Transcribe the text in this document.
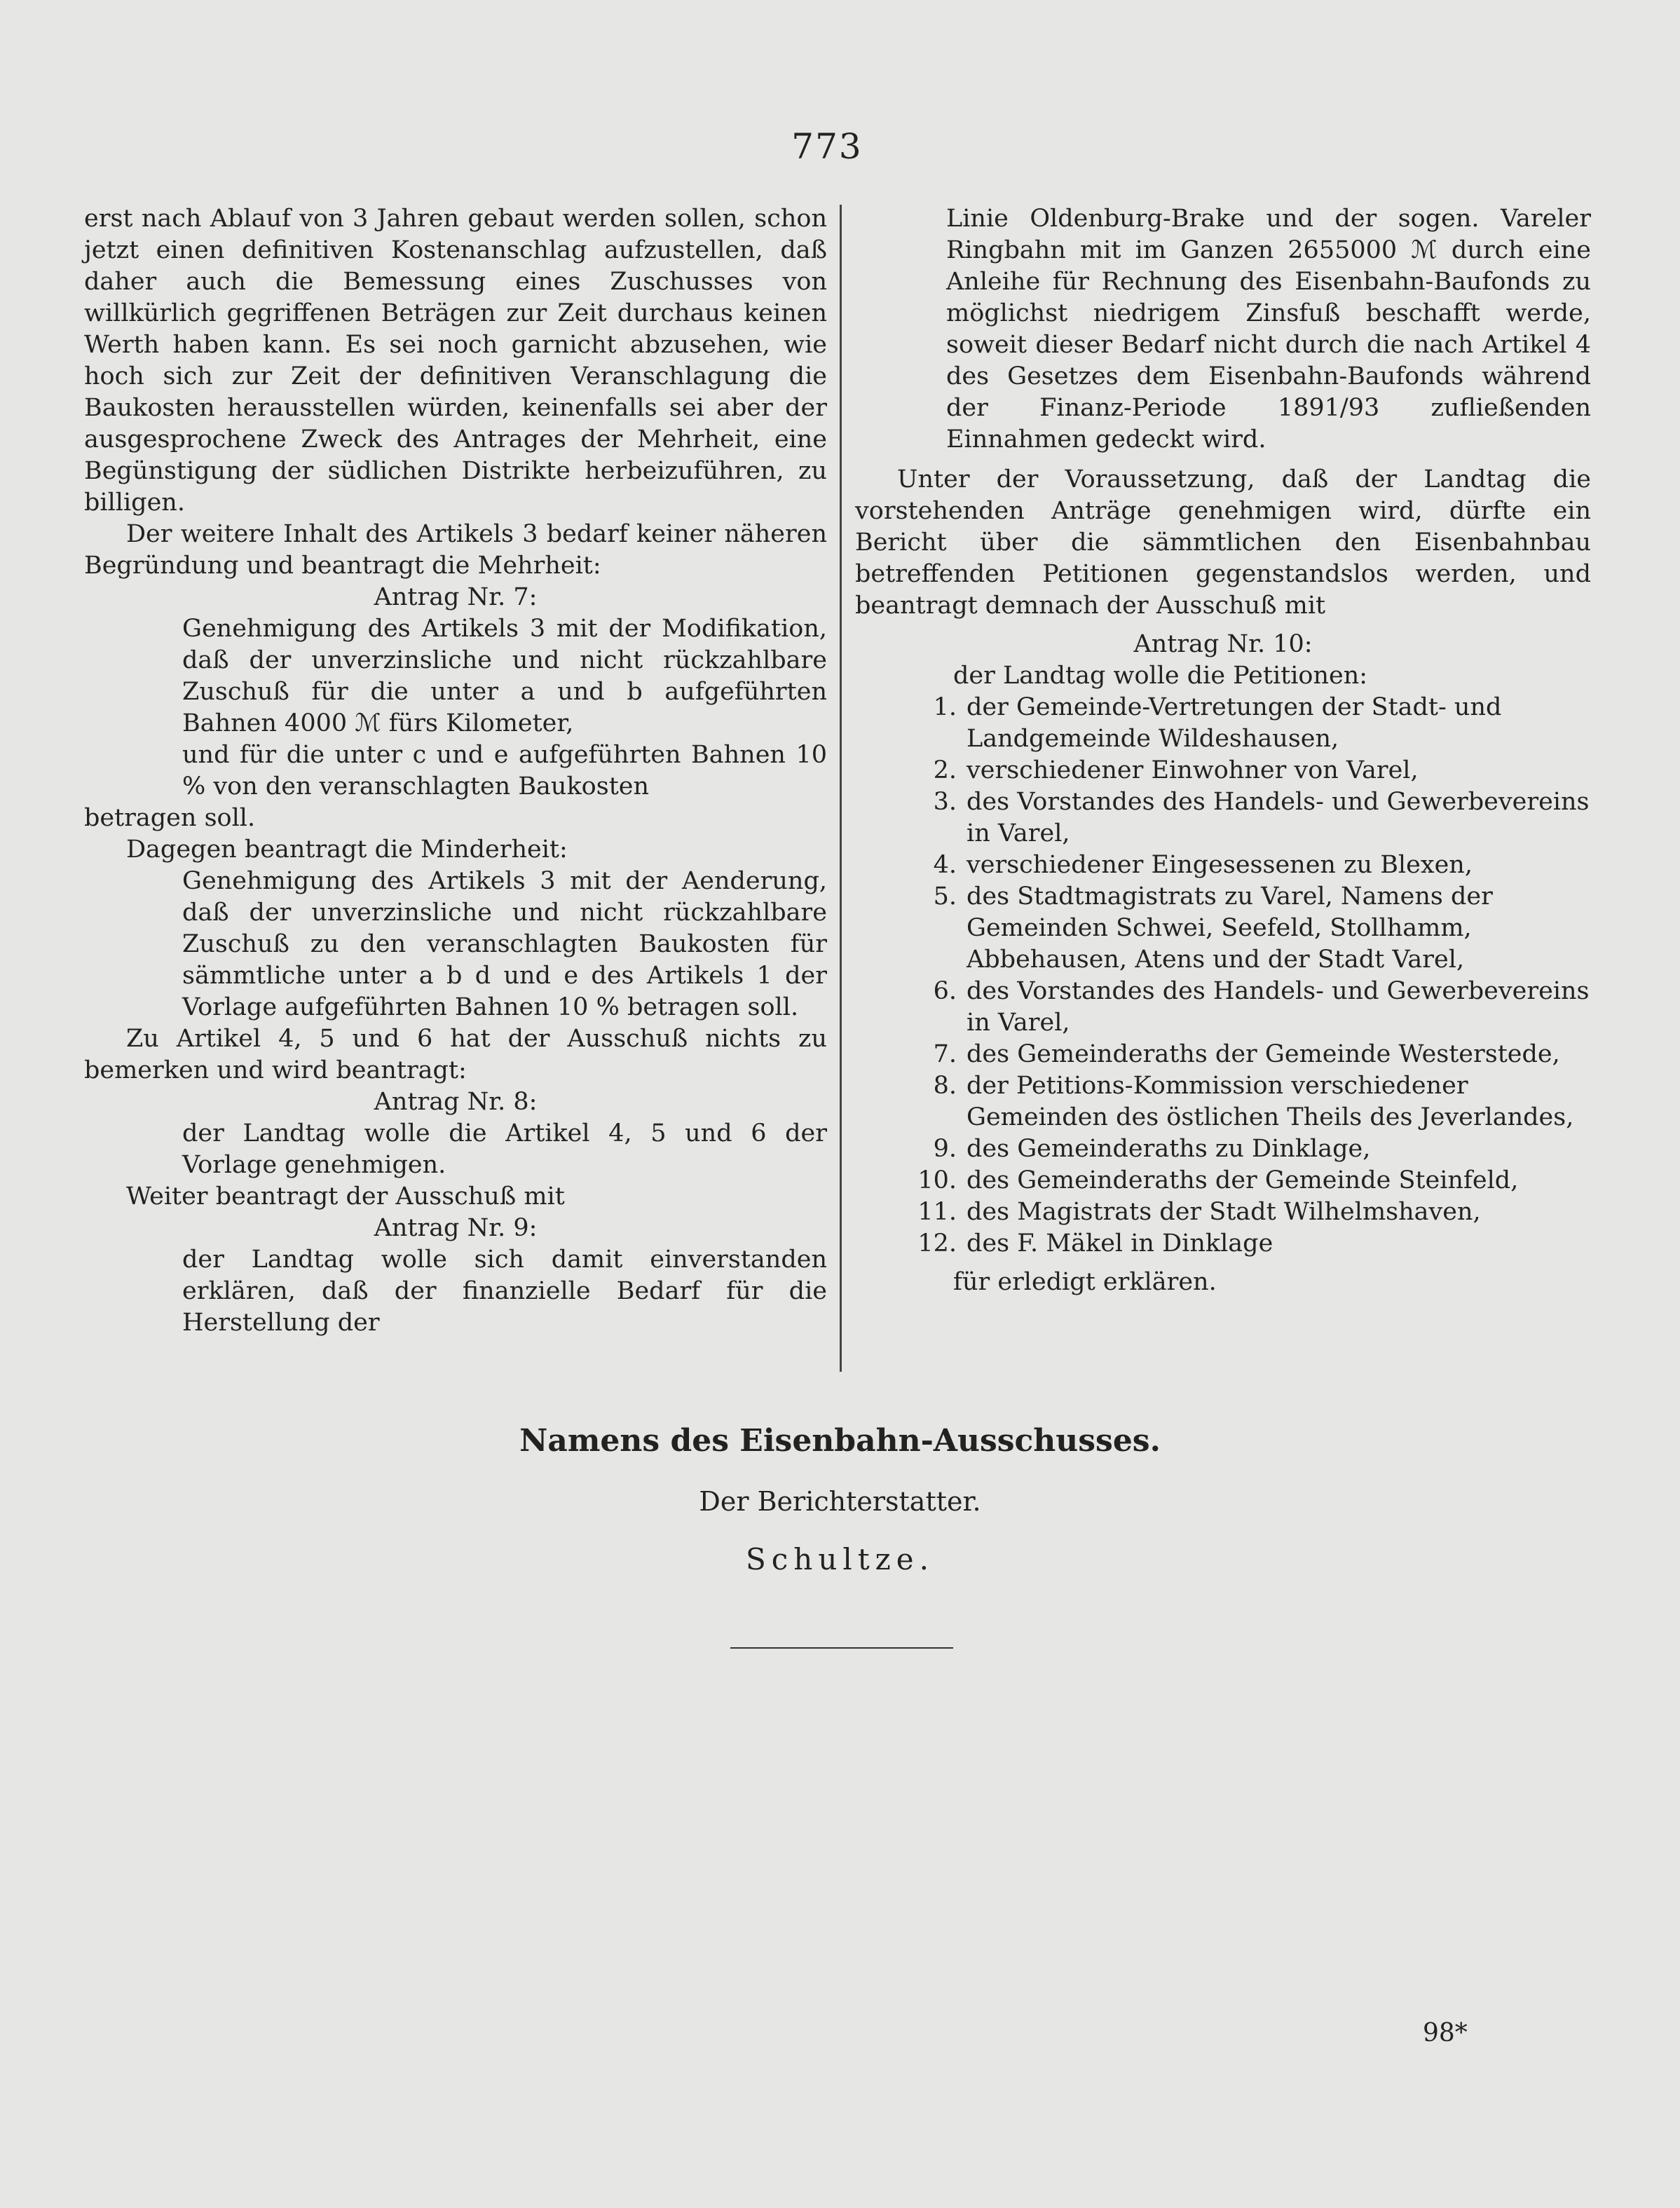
773

erst nach Ablauf von 3 Jahren gebaut werden sollen, schon jetzt einen definitiven Kostenanschlag aufzustellen, daß daher auch die Bemessung eines Zuschusses von willkürlich gegriffenen Beträgen zur Zeit durchaus keinen Werth haben kann. Es sei noch garnicht abzusehen, wie hoch sich zur Zeit der definitiven Veranschlagung die Baukosten herausstellen würden, keinenfalls sei aber der ausgesprochene Zweck des Antrages der Mehrheit, eine Begünstigung der südlichen Distrikte herbeizuführen, zu billigen.

Der weitere Inhalt des Artikels 3 bedarf keiner näheren Begründung und beantragt die Mehrheit:

Antrag Nr. 7:

Genehmigung des Artikels 3 mit der Modifikation, daß der unverzinsliche und nicht rückzahlbare Zuschuß für die unter a und b aufgeführten Bahnen 4000 ℳ fürs Kilometer,

und für die unter c und e aufgeführten Bahnen 10 % von den veranschlagten Baukosten

betragen soll.

Dagegen beantragt die Minderheit:

Genehmigung des Artikels 3 mit der Aenderung, daß der unverzinsliche und nicht rückzahlbare Zuschuß zu den veranschlagten Baukosten für sämmtliche unter a b d und e des Artikels 1 der Vorlage aufgeführten Bahnen 10 % betragen soll.

Zu Artikel 4, 5 und 6 hat der Ausschuß nichts zu bemerken und wird beantragt:

Antrag Nr. 8:

der Landtag wolle die Artikel 4, 5 und 6 der Vorlage genehmigen.

Weiter beantragt der Ausschuß mit

Antrag Nr. 9:

der Landtag wolle sich damit einverstanden erklären, daß der finanzielle Bedarf für die Herstellung der

Linie Oldenburg-Brake und der sogen. Vareler Ringbahn mit im Ganzen 2655000 ℳ durch eine Anleihe für Rechnung des Eisenbahn-Baufonds zu möglichst niedrigem Zinsfuß beschafft werde, soweit dieser Bedarf nicht durch die nach Artikel 4 des Gesetzes dem Eisenbahn-Baufonds während der Finanz-Periode 1891/93 zufließenden Einnahmen gedeckt wird.

Unter der Voraussetzung, daß der Landtag die vorstehenden Anträge genehmigen wird, dürfte ein Bericht über die sämmtlichen den Eisenbahnbau betreffenden Petitionen gegenstandslos werden, und beantragt demnach der Ausschuß mit

Antrag Nr. 10:

der Landtag wolle die Petitionen:

1. der Gemeinde-Vertretungen der Stadt- und Landgemeinde Wildeshausen,
2. verschiedener Einwohner von Varel,
3. des Vorstandes des Handels- und Gewerbevereins in Varel,
4. verschiedener Eingesessenen zu Blexen,
5. des Stadtmagistrats zu Varel, Namens der Gemeinden Schwei, Seefeld, Stollhamm, Abbehausen, Atens und der Stadt Varel,
6. des Vorstandes des Handels- und Gewerbevereins in Varel,
7. des Gemeinderaths der Gemeinde Westerstede,
8. der Petitions-Kommission verschiedener Gemeinden des östlichen Theils des Jeverlandes,
9. des Gemeinderaths zu Dinklage,
10. des Gemeinderaths der Gemeinde Steinfeld,
11. des Magistrats der Stadt Wilhelmshaven,
12. des F. Mäkel in Dinklage

für erledigt erklären.

Namens des Eisenbahn-Ausschusses.
Der Berichterstatter.
Schultze.
98*
